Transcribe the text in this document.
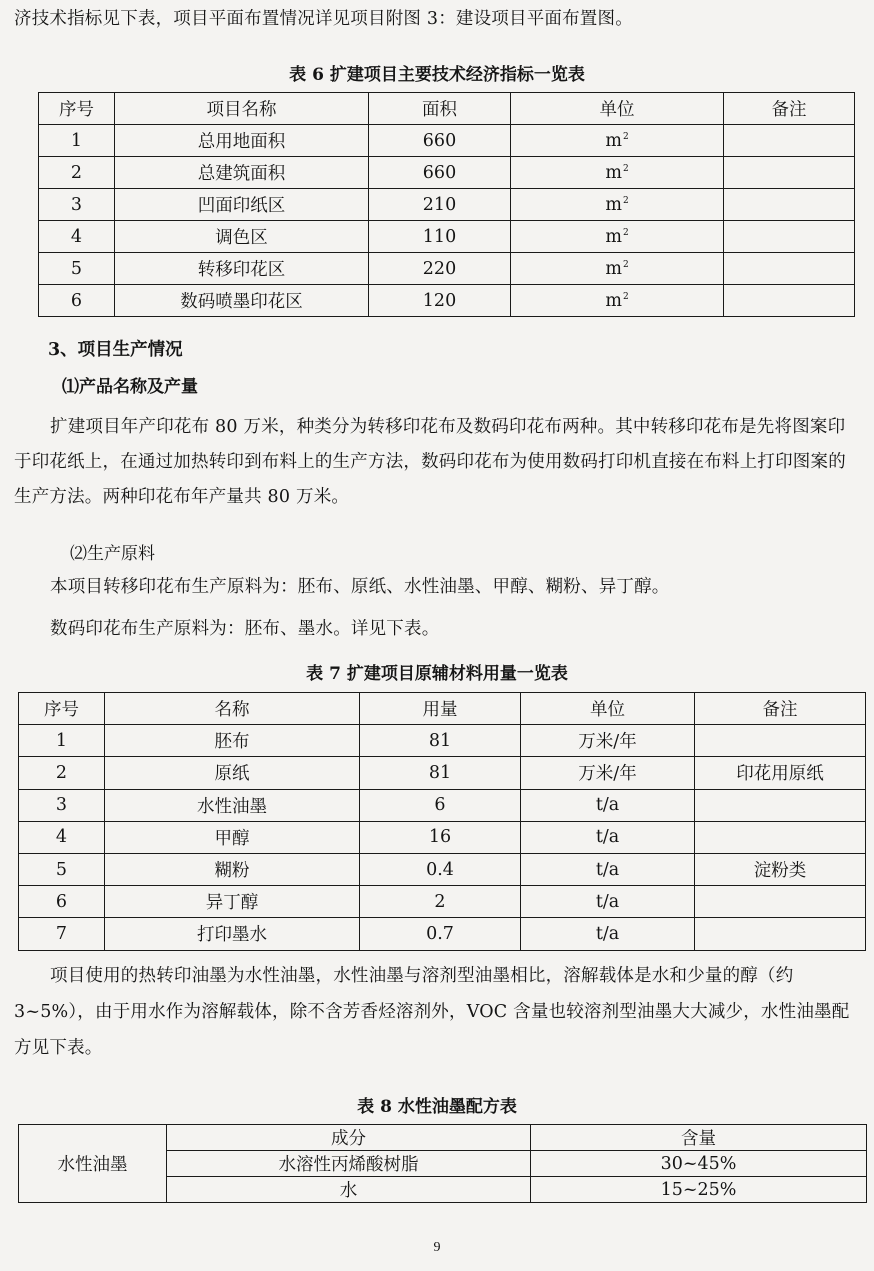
济技术指标见下表，项目平面布置情况详见项目附图 3：建设项目平面布置图。
表 6 扩建项目主要技术经济指标一览表
序号	项目名称	面积	单位	备注
1	总用地面积	660	$m^2$	
2	总建筑面积	660	$m^2$	
3	凹面印纸区	210	$m^2$	
4	调色区	110	$m^2$	
5	转移印花区	220	$m^2$	
6	数码喷墨印花区	120	$m^2$	
3、项目生产情况
⑴产品名称及产量
扩建项目年产印花布 80 万米，种类分为转移印花布及数码印花布两种。其中转移印花布是先将图案印于印花纸上，在通过加热转印到布料上的生产方法，数码印花布为使用数码打印机直接在布料上打印图案的生产方法。两种印花布年产量共 80 万米。
⑵生产原料
本项目转移印花布生产原料为：胚布、原纸、水性油墨、甲醇、糊粉、异丁醇。
数码印花布生产原料为：胚布、墨水。详见下表。
表 7 扩建项目原辅材料用量一览表
序号	名称	用量	单位	备注
1	胚布	81	万米/年	
2	原纸	81	万米/年	印花用原纸
3	水性油墨	6	t/a	
4	甲醇	16	t/a	
5	糊粉	0.4	t/a	淀粉类
6	异丁醇	2	t/a	
7	打印墨水	0.7	t/a	
项目使用的热转印油墨为水性油墨，水性油墨与溶剂型油墨相比，溶解载体是水和少量的醇（约 3~5%），由于用水作为溶解载体，除不含芳香烃溶剂外，VOC 含量也较溶剂型油墨大大减少，水性油墨配方见下表。
表 8 水性油墨配方表
水性油墨	成分	含量
	水溶性丙烯酸树脂	30~45%
	水	15~25%
9
